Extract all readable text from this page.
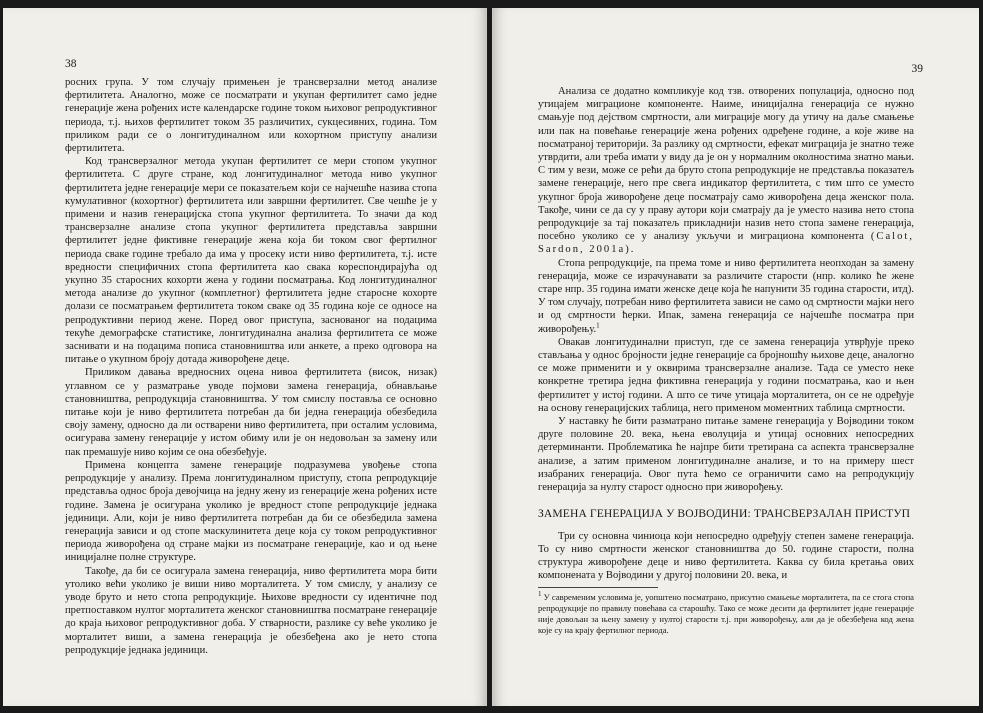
38

росних група. У том случају примењен је трансверзални метод анализе фертилитета. Аналогно, може се посматрати и укупан фертилитет само једне генерације жена рођених исте календарске године током њиховог репродуктивног периода, т.ј. њихов фертилитет током 35 различитих, сукцесивних, година. Том приликом ради се о лонгитудиналном или кохортном приступу анализи фертилитета.

Код трансверзалног метода укупан фертилитет се мери стопом укупног фертилитета. С друге стране, код лонгитудиналног метода ниво укупног фертилитета једне генерације мери се показатељем који се најчешће назива стопа кумулативног (кохортног) фертилитета или завршни фертилитет. Све чешће је у примени и назив генерацијска стопа укупног фертилитета. То значи да код трансверзалне анализе стопа укупног фертилитета представља завршни фертилитет једне фиктивне генерације жена која би током свог фертилног периода сваке године требало да има у просеку исти ниво фертилитета, т.ј. исте вредности специфичних стопа фертилитета као свака кореспондирајућа од укупно 35 старосних кохорти жена у години посматрања. Код лонгитудиналног метода анализе до укупног (комплетног) фертилитета једне старосне кохорте долази се посматрањем фертилитета током сваке од 35 година које се односе на репродуктивни период жене. Поред овог приступа, заснованог на подацима текуће демографске статистике, лонгитудинална анализа фертилитета се може заснивати и на подацима пописа становништва или анкете, а преко одговора на питање о укупном броју дотада живорођене деце.

Приликом давања вредносних оцена нивоа фертилитета (висок, низак) углавном се у разматрање уводе појмови замена генерација, обнављање становништва, репродукција становништва. У том смислу поставља се основно питање који је ниво фертилитета потребан да би једна генерација обезбедила своју замену, односно да ли остварени ниво фертилитета, при осталим условима, осигурава замену генерације у истом обиму или је он недовољан за замену или пак премашује ниво којим се она обезбеђује.

Примена концепта замене генерације подразумева увођење стопа репродукције у анализу. Према лонгитудиналном приступу, стопа репродукције представља однос броја девојчица на једну жену из генерације жена рођених исте године. Замена је осигурана уколико је вредност стопе репродукције једнака јединици. Али, који је ниво фертилитета потребан да би се обезбедила замена генерација зависи и од стопе маскулинитета деце која су током репродуктивног периода живорођена од стране мајки из посматране генерације, као и од њене иницијалне полне структуре.

Такође, да би се осигурала замена генерација, ниво фертилитета мора бити утолико већи уколико је виши ниво морталитета. У том смислу, у анализу се уводе бруто и нето стопа репродукције. Њихове вредности су идентичне под претпоставком нултог морталитета женског становништва посматране генерације до краја њиховог репродуктивног доба. У стварности, разлике су веће уколико је морталитет виши, а замена генерација је обезбеђена ако је нето стопа репродукције једнака јединици.

39

Анализа се додатно компликује код тзв. отворених популација, односно под утицајем миграционе компоненте. Наиме, иницијална генерација се нужно смањује под дејством смртности, али миграције могу да утичу на даље смањење или пак на повећање генерације жена рођених одређене године, а које живе на посматраној територији. За разлику од смртности, ефекат миграција је знатно теже утврдити, али треба имати у виду да је он у нормалним околностима знатно мањи. С тим у вези, може се рећи да бруто стопа репродукције не представља показатељ замене генерације, него пре свега индикатор фертилитета, с тим што се уместо укупног броја живорођене деце посматрају само живорођена деца женског пола. Такође, чини се да су у праву аутори који сматрају да је уместо назива нето стопа репродукције за тај показатељ прикладнији назив нето стопа замене генерација, посебно уколико се у анализу укључи и миграциона компонента (Calot, Sardon, 2001a).

Стопа репродукције, па према томе и ниво фертилитета неопходан за замену генерација, може се израчунавати за различите старости (нпр. колико ће жене старе нпр. 35 година имати женске деце која ће напунити 35 година старости, итд). У том случају, потребан ниво фертилитета зависи не само од смртности мајки него и од смртности ћерки. Ипак, замена генерација се најчешће посматра при живорођењу.$^1$

Овакав лонгитудинални приступ, где се замена генерација утврђује преко стављања у однос бројности једне генерације са бројношћу њихове деце, аналогно се може применити и у оквирима трансверзалне анализе. Тада се уместо неке конкретне третира једна фиктивна генерација у години посматрања, као и њен фертилитет у истој години. А што се тиче утицаја морталитета, он се не одређује на основу генерацијских таблица, него применом моментних таблица смртности.

У наставку ће бити разматрано питање замене генерација у Војводини током друге половине 20. века, њена еволуција и утицај основних непосредних детерминанти. Проблематика ће најпре бити третирана са аспекта трансверзалне анализе, а затим применом лонгитудиналне анализе, и то на примеру шест изабраних генерација. Овог пута ћемо се ограничити само на репродукцију генерација за нулту старост односно при живорођењу.

ЗАМЕНА ГЕНЕРАЦИЈА У ВОЈВОДИНИ: ТРАНСВЕРЗАЛАН ПРИСТУП

Три су основна чиниоца који непосредно одређују степен замене генерација. То су ниво смртности женског становништва до 50. године старости, полна структура живорођене деце и ниво фертилитета. Каква су била кретања ових компонената у Војводини у другој половини 20. века, и

$^1$ У савременим условима је, уопштено посматрано, присутно смањење морталитета, па се стога стопа репродукције по правилу повећава са старошћу. Тако се може десити да фертилитет једне генерације није довољан за њену замену у нултој старости т.ј. при живорођењу, али да је обезбеђена код жена које су на крају фертилног периода.
